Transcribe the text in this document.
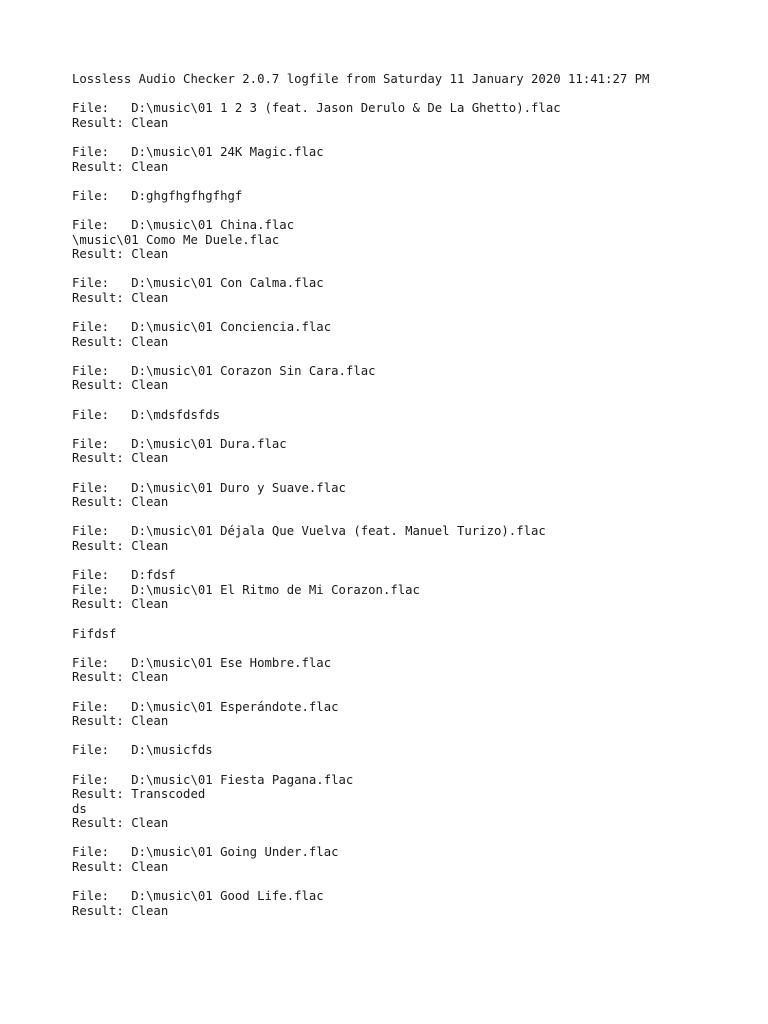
Lossless Audio Checker 2.0.7 logfile from Saturday 11 January 2020 11:41:27 PM
File:   D:\music\01 1 2 3 (feat. Jason Derulo & De La Ghetto).flac
Result: Clean
File:   D:\music\01 24K Magic.flac
Result: Clean
File:   D:ghgfhgfhgfhgf
File:   D:\music\01 China.flac
\music\01 Como Me Duele.flac
Result: Clean
File:   D:\music\01 Con Calma.flac
Result: Clean
File:   D:\music\01 Conciencia.flac
Result: Clean
File:   D:\music\01 Corazon Sin Cara.flac
Result: Clean
File:   D:\mdsfdsfds
File:   D:\music\01 Dura.flac
Result: Clean
File:   D:\music\01 Duro y Suave.flac
Result: Clean
File:   D:\music\01 Déjala Que Vuelva (feat. Manuel Turizo).flac
Result: Clean
File:   D:fdsf
File:   D:\music\01 El Ritmo de Mi Corazon.flac
Result: Clean
Fifdsf
File:   D:\music\01 Ese Hombre.flac
Result: Clean
File:   D:\music\01 Esperándote.flac
Result: Clean
File:   D:\musicfds
File:   D:\music\01 Fiesta Pagana.flac
Result: Transcoded
ds
Result: Clean
File:   D:\music\01 Going Under.flac
Result: Clean
File:   D:\music\01 Good Life.flac
Result: Clean
